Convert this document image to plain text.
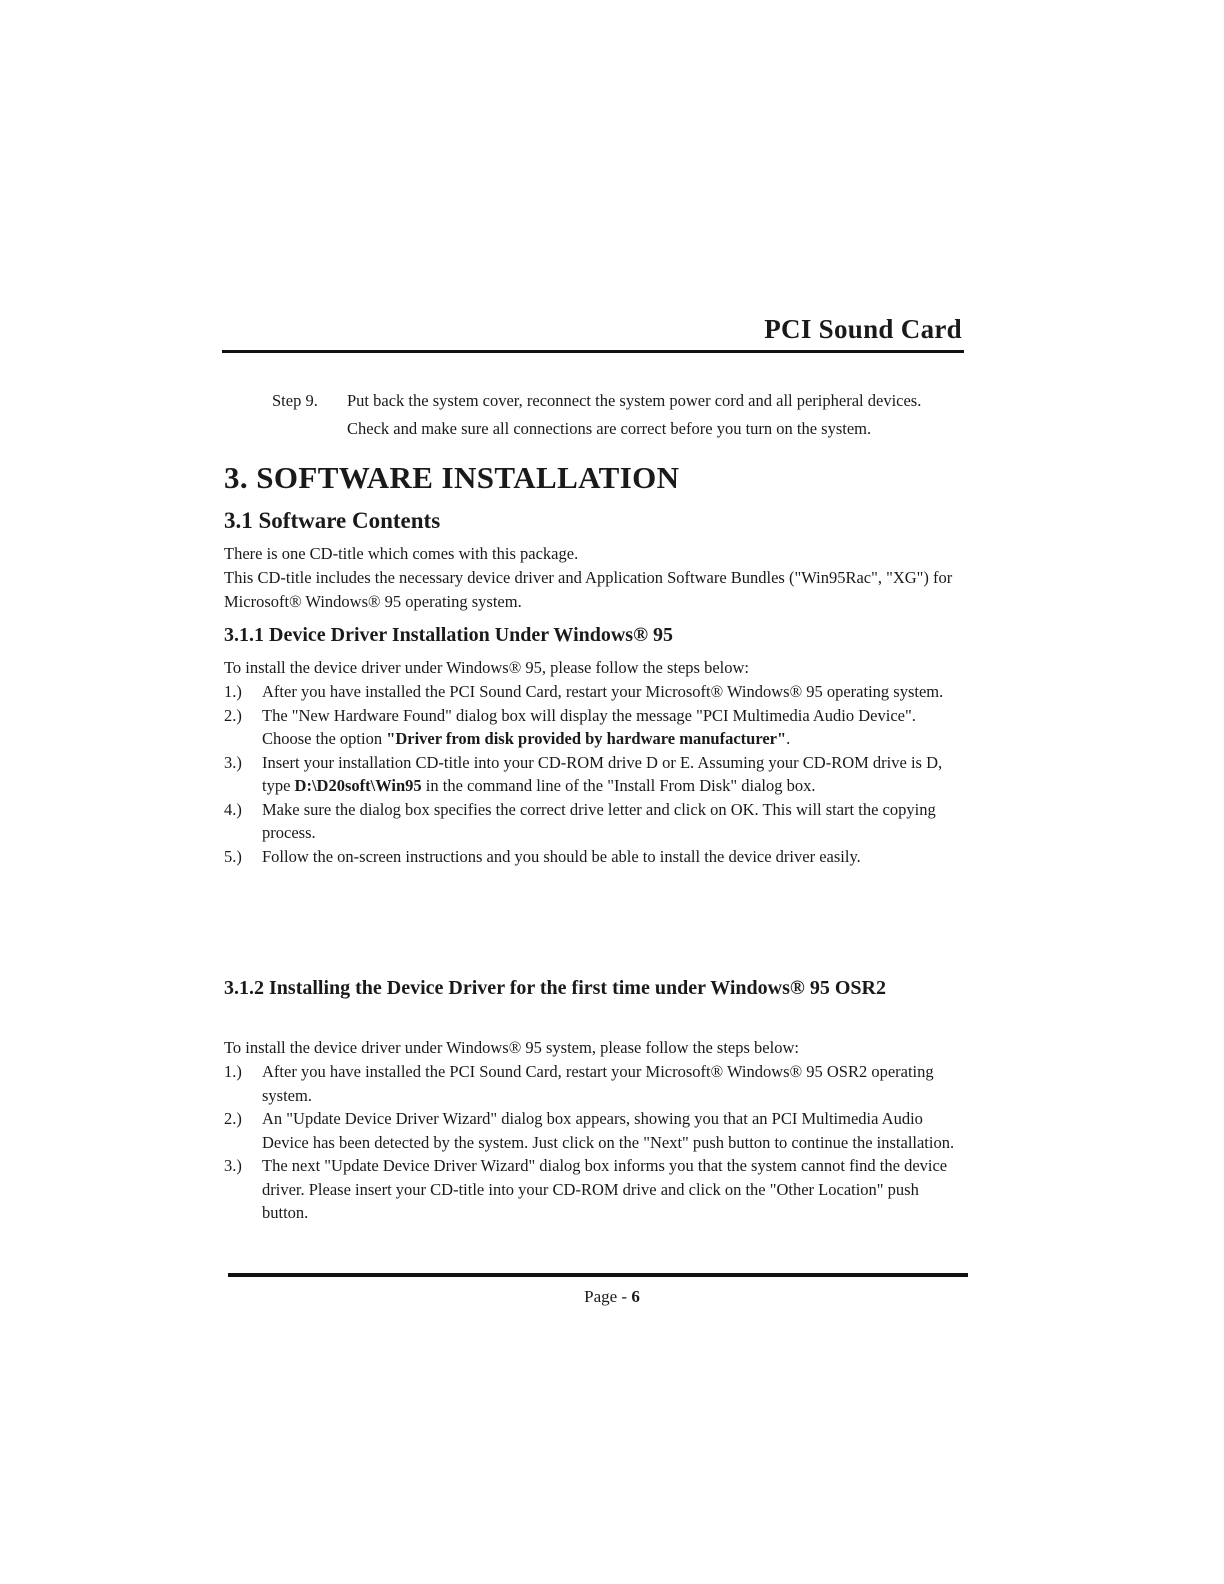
PCI Sound Card
Step 9. Put back the system cover, reconnect the system power cord and all peripheral devices. Check and make sure all connections are correct before you turn on the system.
3. SOFTWARE INSTALLATION
3.1 Software Contents
There is one CD-title which comes with this package.
This CD-title includes the necessary device driver and Application Software Bundles ("Win95Rac", "XG") for Microsoft® Windows® 95 operating system.
3.1.1 Device Driver Installation Under Windows® 95
To install the device driver under Windows® 95, please follow the steps below:
1.) After you have installed the PCI Sound Card, restart your Microsoft® Windows® 95 operating system.
2.) The "New Hardware Found" dialog box will display the message "PCI Multimedia Audio Device". Choose the option "Driver from disk provided by hardware manufacturer".
3.) Insert your installation CD-title into your CD-ROM drive D or E. Assuming your CD-ROM drive is D, type D:\D20soft\Win95 in the command line of the "Install From Disk" dialog box.
4.) Make sure the dialog box specifies the correct drive letter and click on OK. This will start the copying process.
5.) Follow the on-screen instructions and you should be able to install the device driver easily.
3.1.2 Installing the Device Driver for the first time under Windows® 95 OSR2
To install the device driver under Windows® 95 system, please follow the steps below:
1.) After you have installed the PCI Sound Card, restart your Microsoft® Windows® 95 OSR2 operating system.
2.) An "Update Device Driver Wizard" dialog box appears, showing you that an PCI Multimedia Audio Device has been detected by the system. Just click on the "Next" push button to continue the installation.
3.) The next "Update Device Driver Wizard" dialog box informs you that the system cannot find the device driver. Please insert your CD-title into your CD-ROM drive and click on the "Other Location" push button.
Page - 6
